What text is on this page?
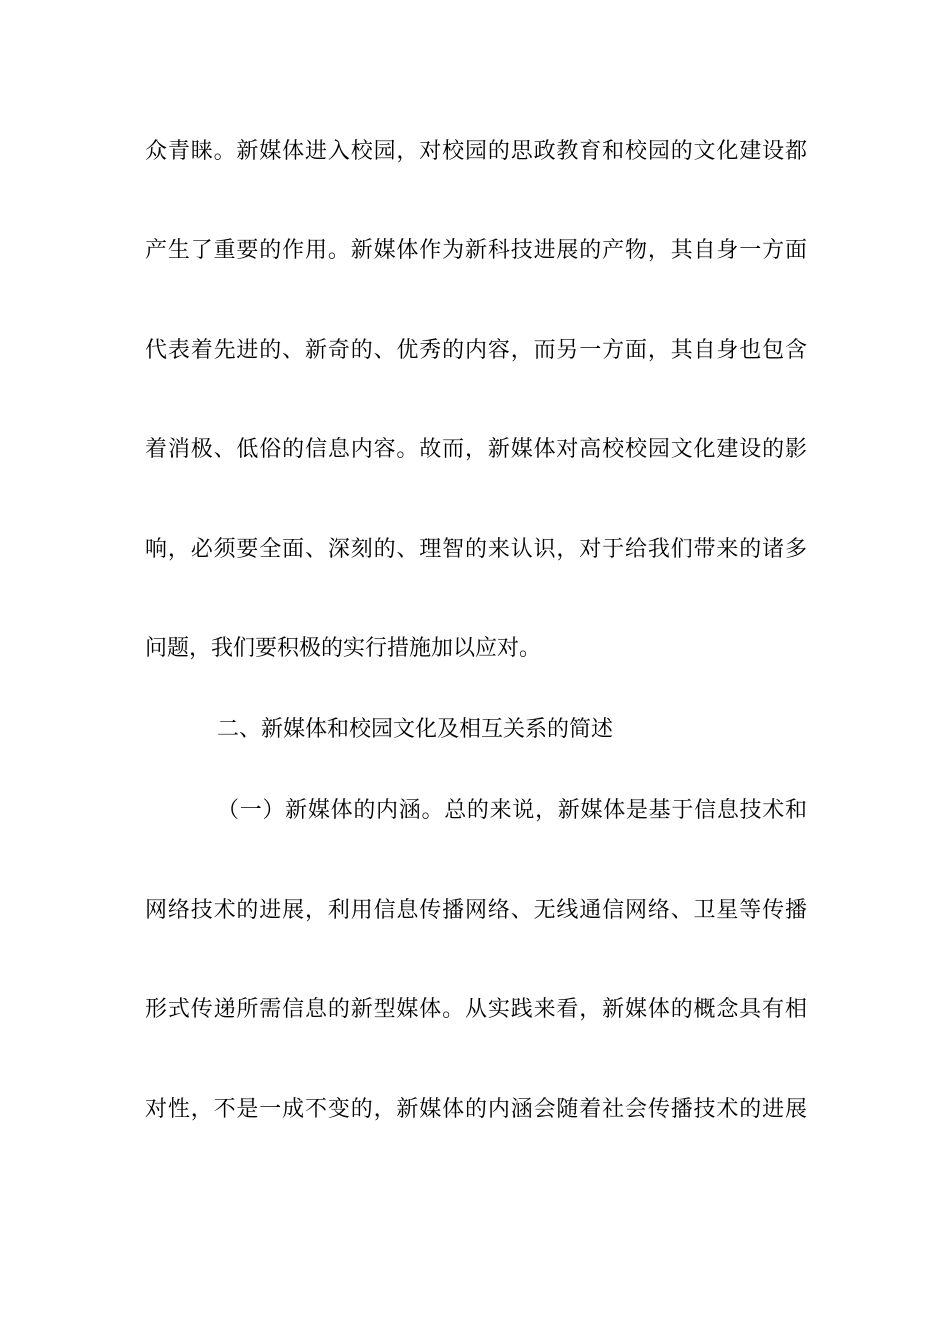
众青睐。新媒体进入校园，对校园的思政教育和校园的文化建设都
产生了重要的作用。新媒体作为新科技进展的产物，其自身一方面
代表着先进的、新奇的、优秀的内容，而另一方面，其自身也包含
着消极、低俗的信息内容。故而，新媒体对高校校园文化建设的影
响，必须要全面、深刻的、理智的来认识，对于给我们带来的诸多
问题，我们要积极的实行措施加以应对。
二、新媒体和校园文化及相互关系的简述
（一）新媒体的内涵。总的来说，新媒体是基于信息技术和
网络技术的进展，利用信息传播网络、无线通信网络、卫星等传播
形式传递所需信息的新型媒体。从实践来看，新媒体的概念具有相
对性，不是一成不变的，新媒体的内涵会随着社会传播技术的进展
